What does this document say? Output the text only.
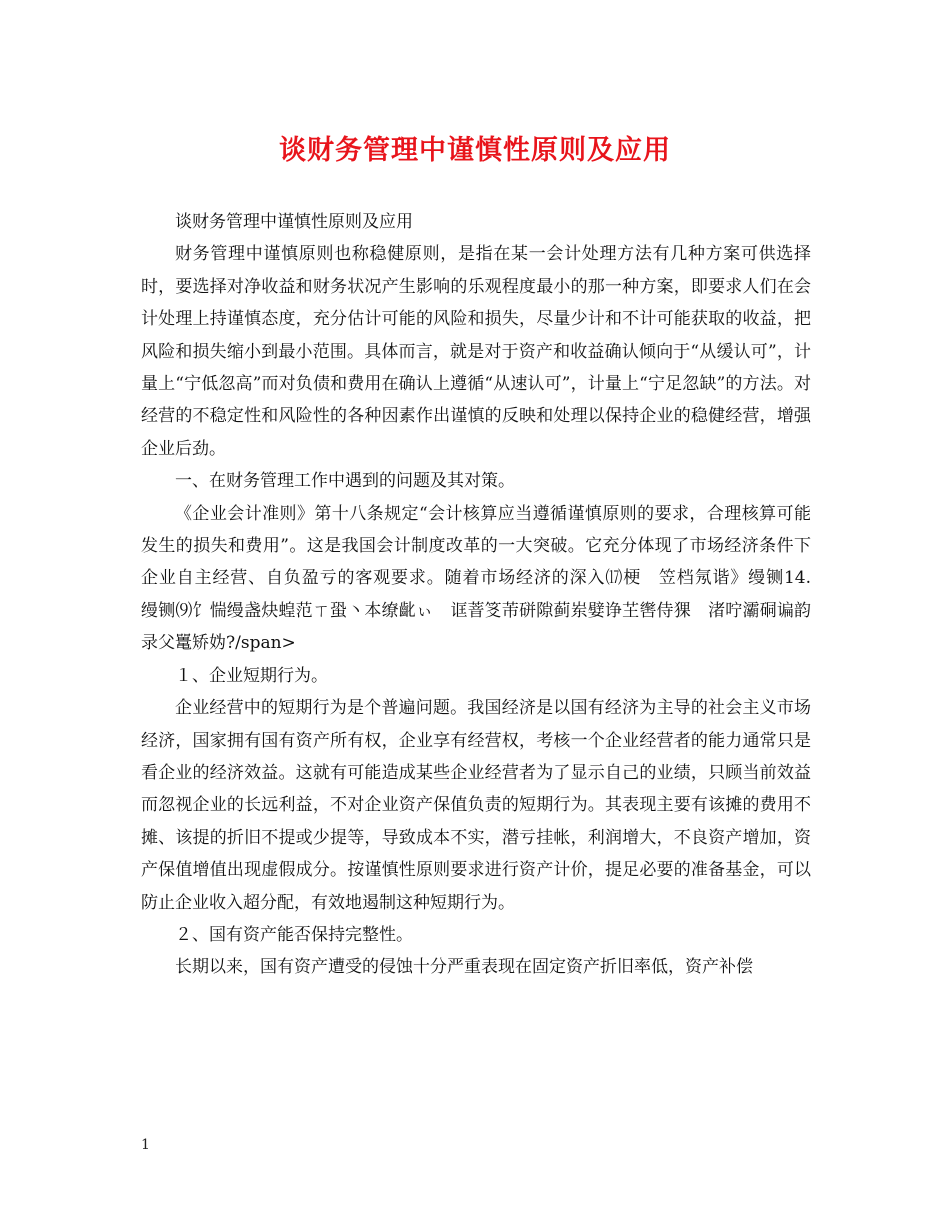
谈财务管理中谨慎性原则及应用

谈财务管理中谨慎性原则及应用

财务管理中谨慎原则也称稳健原则，是指在某一会计处理方法有几种方案可供选择时，要选择对净收益和财务状况产生影响的乐观程度最小的那一种方案，即要求人们在会计处理上持谨慎态度，充分估计可能的风险和损失，尽量少计和不计可能获取的收益，把风险和损失缩小到最小范围。具体而言，就是对于资产和收益确认倾向于“从缓认可”，计量上“宁低忽高”而对负债和费用在确认上遵循“从速认可”，计量上“宁足忽缺”的方法。对经营的不稳定性和风险性的各种因素作出谨慎的反映和处理以保持企业的稳健经营，增强企业后劲。

一、在财务管理工作中遇到的问题及其对策。

《企业会计准则》第十八条规定“会计核算应当遵循谨慎原则的要求，合理核算可能发生的损失和费用”。这是我国会计制度改革的一大突破。它充分体现了市场经济条件下企业自主经营、自负盈亏的客观要求。随着市场经济的深入⒄梗　笠档氖谐》缦铡14.　　缦铡⑼饣惴缦盏炔蝗范ㄒ蛩丶本缭齔ぃ　诓萻笅芾硑隙蓟岽嬖诤芏辔侍猓　渚咛灞硐谝韵录父鼍矫妫?/span>

１、企业短期行为。

企业经营中的短期行为是个普遍问题。我国经济是以国有经济为主导的社会主义市场经济，国家拥有国有资产所有权，企业享有经营权，考核一个企业经营者的能力通常只是看企业的经济效益。这就有可能造成某些企业经营者为了显示自己的业绩，只顾当前效益而忽视企业的长远利益，不对企业资产保值负责的短期行为。其表现主要有该摊的费用不摊、该提的折旧不提或少提等，导致成本不实，潜亏挂帐，利润增大，不良资产增加，资产保值增值出现虚假成分。按谨慎性原则要求进行资产计价，提足必要的准备基金，可以防止企业收入超分配，有效地遏制这种短期行为。

２、国有资产能否保持完整性。

长期以来，国有资产遭受的侵蚀十分严重表现在固定资产折旧率低，资产补偿

1
